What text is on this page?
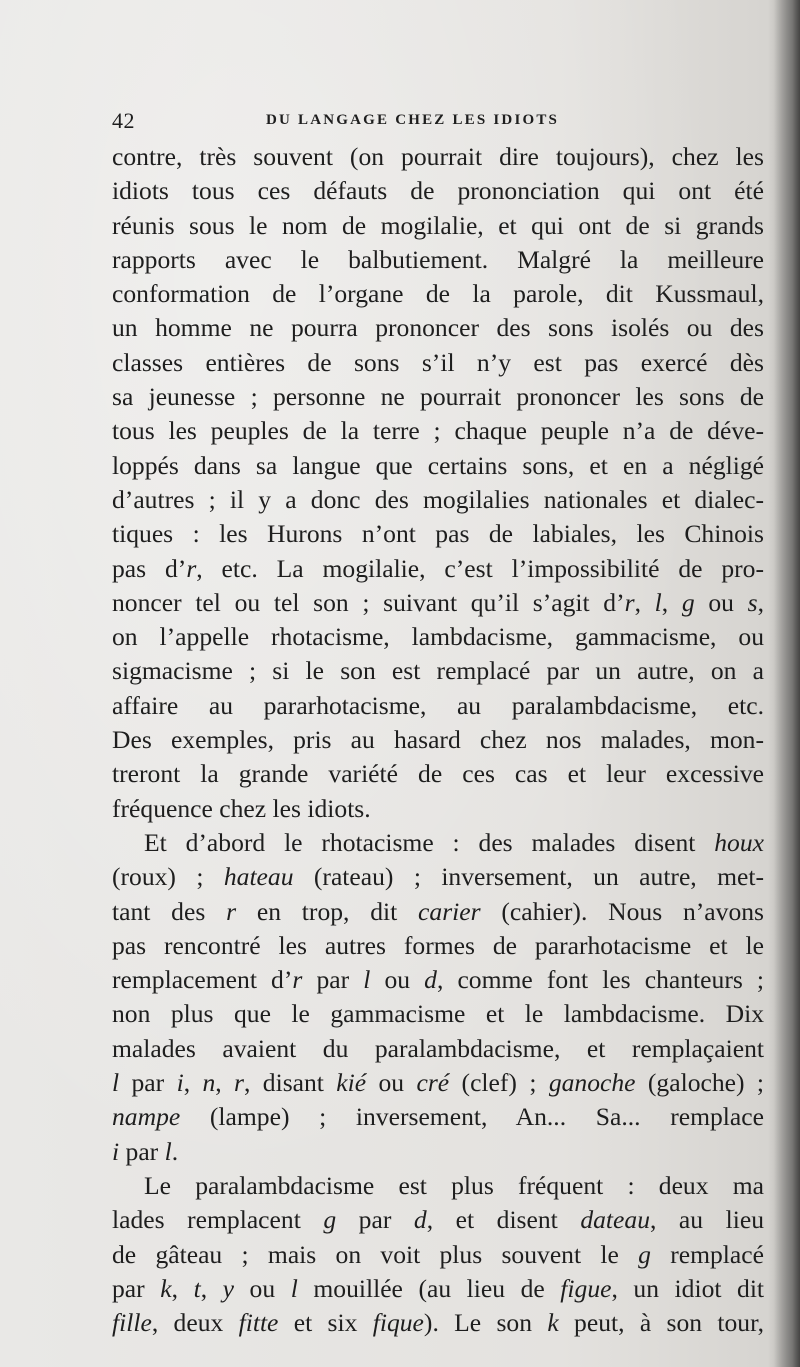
42	DU LANGAGE CHEZ LES IDIOTS
contre, très souvent (on pourrait dire toujours), chez les
idiots tous ces défauts de prononciation qui ont été
réunis sous le nom de mogilalie, et qui ont de si grands
rapports avec le balbutiement. Malgré la meilleure
conformation de l’organe de la parole, dit Kussmaul,
un homme ne pourra prononcer des sons isolés ou des
classes entières de sons s’il n’y est pas exercé dès
sa jeunesse ; personne ne pourrait prononcer les sons de
tous les peuples de la terre ; chaque peuple n’a de déve-
loppés dans sa langue que certains sons, et en a négligé
d’autres ; il y a donc des mogilalies nationales et dialec-
tiques : les Hurons n’ont pas de labiales, les Chinois
pas d’r, etc. La mogilalie, c’est l’impossibilité de pro-
noncer tel ou tel son ; suivant qu’il s’agit d’r, l, g ou s,
on l’appelle rhotacisme, lambdacisme, gammacisme, ou
sigmacisme ; si le son est remplacé par un autre, on a
affaire au pararhotacisme, au paralambdacisme, etc.
Des exemples, pris au hasard chez nos malades, mon-
treront la grande variété de ces cas et leur excessive
fréquence chez les idiots.
Et d’abord le rhotacisme : des malades disent houx
(roux) ; hateau (rateau) ; inversement, un autre, met-
tant des r en trop, dit carier (cahier). Nous n’avons
pas rencontré les autres formes de pararhotacisme et le
remplacement d’r par l ou d, comme font les chanteurs ;
non plus que le gammacisme et le lambdacisme. Dix
malades avaient du paralambdacisme, et remplaçaient
l par i, n, r, disant kié ou cré (clef) ; ganoche (galoche) ;
nampe (lampe) ; inversement, An... Sa... remplace
i par l.
Le paralambdacisme est plus fréquent : deux ma
lades remplacent g par d, et disent dateau, au lieu
de gâteau ; mais on voit plus souvent le g remplacé
par k, t, y ou l mouillée (au lieu de figue, un idiot dit
fille, deux fitte et six fique). Le son k peut, à son tour,
